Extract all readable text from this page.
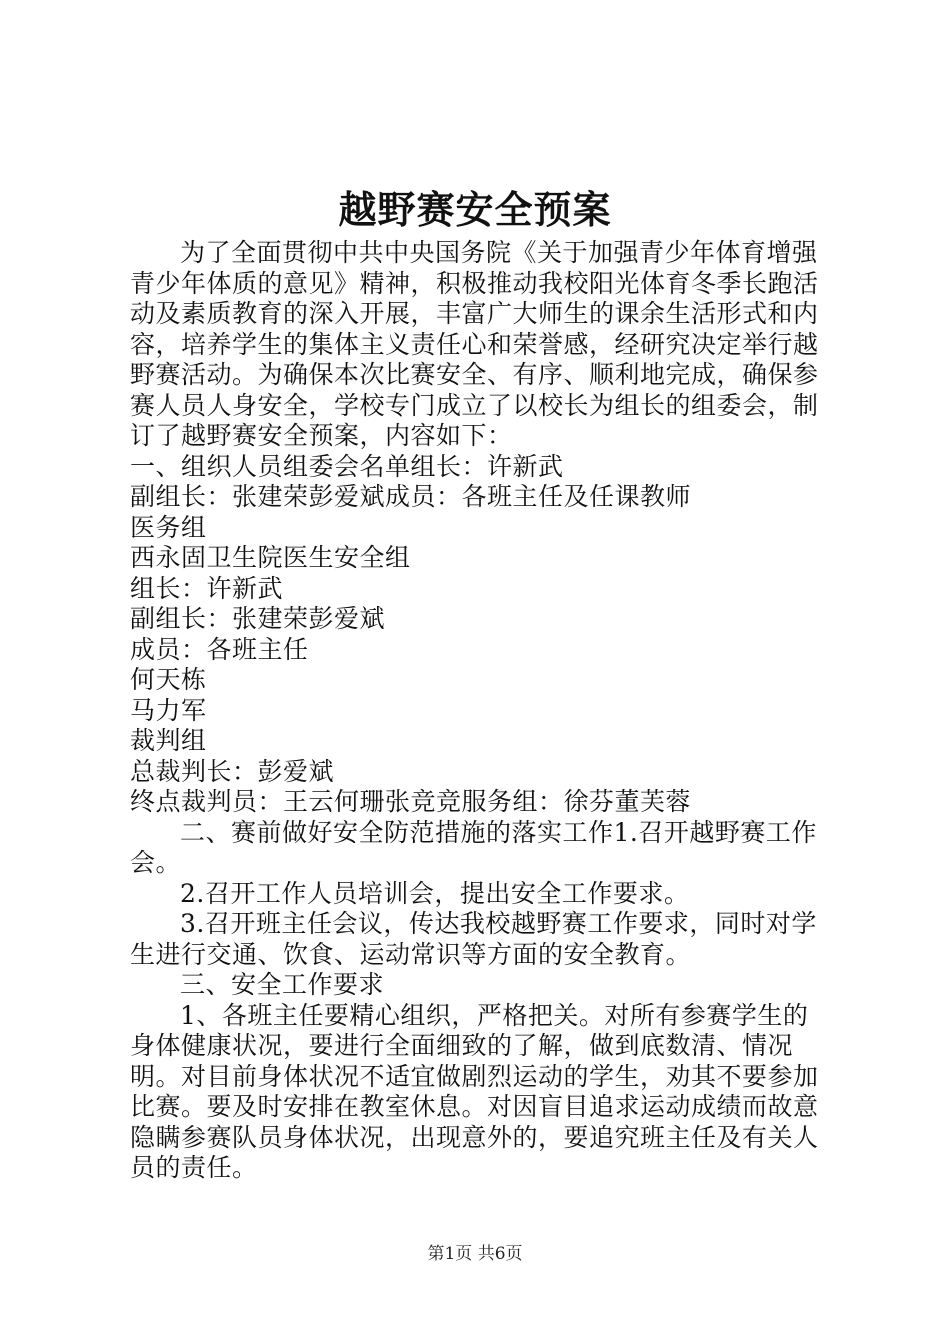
越野赛安全预案

为了全面贯彻中共中央国务院《关于加强青少年体育增强青少年体质的意见》精神，积极推动我校阳光体育冬季长跑活动及素质教育的深入开展，丰富广大师生的课余生活形式和内容，培养学生的集体主义责任心和荣誉感，经研究决定举行越野赛活动。为确保本次比赛安全、有序、顺利地完成，确保参赛人员人身安全，学校专门成立了以校长为组长的组委会，制订了越野赛安全预案，内容如下：

一、组织人员组委会名单组长：许新武

副组长：张建荣彭爱斌成员：各班主任及任课教师

医务组

西永固卫生院医生安全组

组长：许新武

副组长：张建荣彭爱斌

成员：各班主任

何天栋

马力军

裁判组

总裁判长：彭爱斌

终点裁判员：王云何珊张竞竞服务组：徐芬董芙蓉

二、赛前做好安全防范措施的落实工作1.召开越野赛工作会。

2.召开工作人员培训会，提出安全工作要求。

3.召开班主任会议，传达我校越野赛工作要求，同时对学生进行交通、饮食、运动常识等方面的安全教育。

三、安全工作要求

1、各班主任要精心组织，严格把关。对所有参赛学生的身体健康状况，要进行全面细致的了解，做到底数清、情况明。对目前身体状况不适宜做剧烈运动的学生，劝其不要参加比赛。要及时安排在教室休息。对因盲目追求运动成绩而故意隐瞒参赛队员身体状况，出现意外的，要追究班主任及有关人员的责任。

第1页 共6页
